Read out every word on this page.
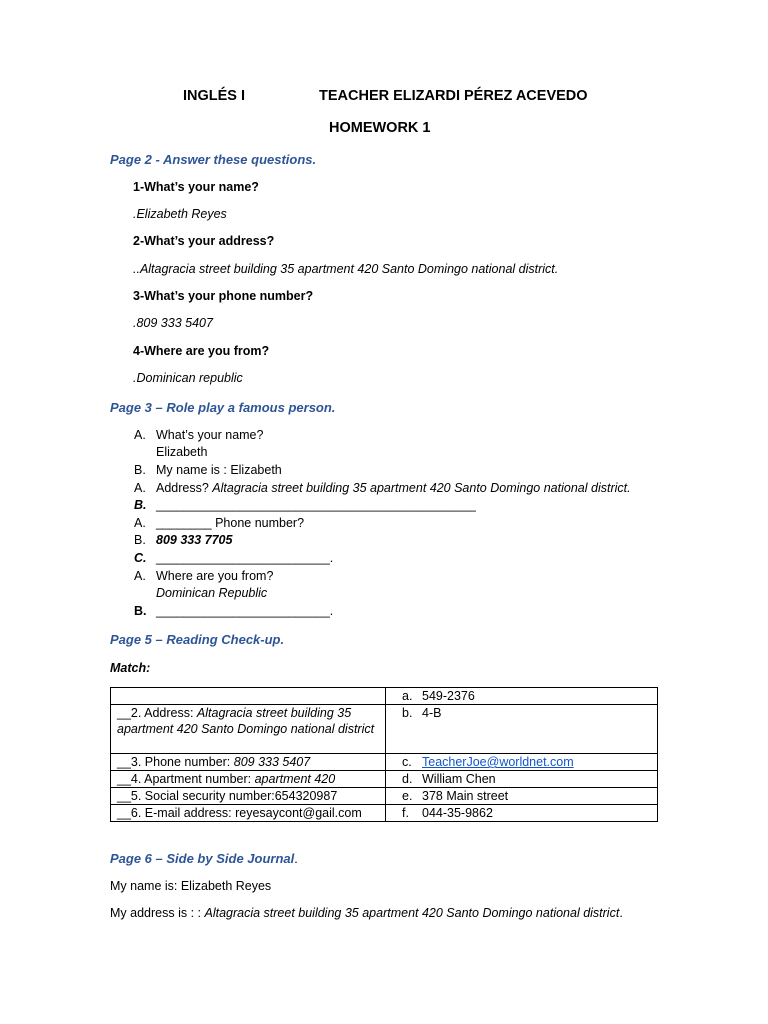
INGLÉS I	TEACHER ELIZARDI PÉREZ ACEVEDO
HOMEWORK 1
Page 2 - Answer these questions.
1-What’s your name?
.Elizabeth Reyes
2-What’s your address?
..Altagracia street building 35 apartment 420 Santo Domingo national district.
3-What’s your phone number?
.809 333 5407
4-Where are you from?
.Dominican republic
Page 3 – Role play a famous person.
A. What’s your name?
Elizabeth
B. My name is : Elizabeth
A. Address? Altagracia street building 35 apartment 420 Santo Domingo national district.
B. ______________________________________________
A. ________ Phone number?
B. 809 333 7705
C. _________________________.
A. Where are you from?
Dominican Republic
B. _________________________.
Page 5 – Reading Check-up.
Match:
	a. 549-2376
__2. Address: Altagracia street building 35 apartment 420 Santo Domingo national district	b. 4-B
__3. Phone number: 809 333 5407	c. TeacherJoe@worldnet.com
__4. Apartment number: apartment 420	d. William Chen
__5. Social security number:654320987	e. 378 Main street
__6. E-mail address: reyesaycont@gail.com	f. 044-35-9862
Page 6 – Side by Side Journal.
My name is: Elizabeth Reyes
My address is : : Altagracia street building 35 apartment 420 Santo Domingo national district.
